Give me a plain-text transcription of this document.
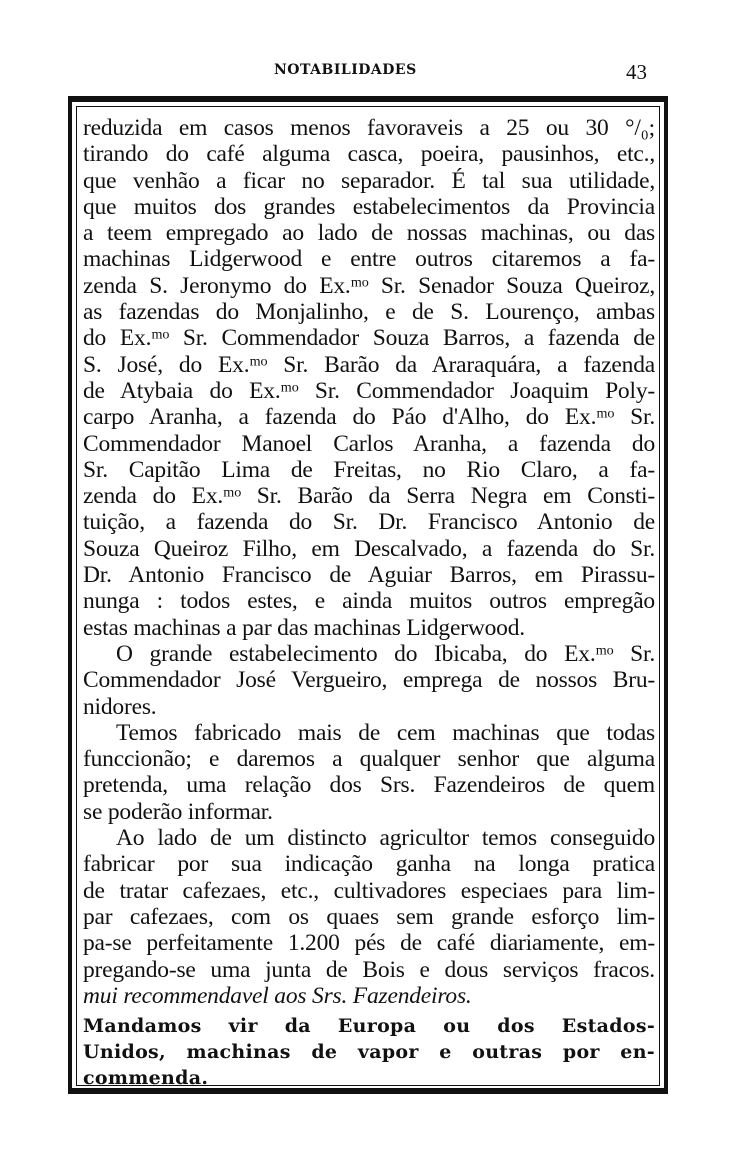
NOTABILIDADES	43
reduzida em casos menos favoraveis a 25 ou 30 °/₀;
tirando do café alguma casca, poeira, pausinhos, etc.,
que venhão a ficar no separador. É tal sua utilidade,
que muitos dos grandes estabelecimentos da Provincia
a teem empregado ao lado de nossas machinas, ou das
machinas Lidgerwood e entre outros citaremos a fa-
zenda S. Jeronymo do Ex.ᵐᵒ Sr. Senador Souza Queiroz,
as fazendas do Monjalinho, e de S. Lourenço, ambas
do Ex.ᵐᵒ Sr. Commendador Souza Barros, a fazenda de
S. José, do Ex.ᵐᵒ Sr. Barão da Araraquára, a fazenda
de Atybaia do Ex.ᵐᵒ Sr. Commendador Joaquim Poly-
carpo Aranha, a fazenda do Páo d'Alho, do Ex.ᵐᵒ Sr.
Commendador Manoel Carlos Aranha, a fazenda do
Sr. Capitão Lima de Freitas, no Rio Claro, a fa-
zenda do Ex.ᵐᵒ Sr. Barão da Serra Negra em Consti-
tuição, a fazenda do Sr. Dr. Francisco Antonio de
Souza Queiroz Filho, em Descalvado, a fazenda do Sr.
Dr. Antonio Francisco de Aguiar Barros, em Pirassu-
nunga : todos estes, e ainda muitos outros empregão
estas machinas a par das machinas Lidgerwood.
O grande estabelecimento do Ibicaba, do Ex.ᵐᵒ Sr.
Commendador José Vergueiro, emprega de nossos Bru-
nidores.
Temos fabricado mais de cem machinas que todas
funccionão; e daremos a qualquer senhor que alguma
pretenda, uma relação dos Srs. Fazendeiros de quem
se poderão informar.
Ao lado de um distincto agricultor temos conseguido
fabricar por sua indicação ganha na longa pratica
de tratar cafezaes, etc., cultivadores especiaes para lim-
par cafezaes, com os quaes sem grande esforço lim-
pa-se perfeitamente 1.200 pés de café diariamente, em-
pregando-se uma junta de Bois e dous serviços fracos.
mui recommendavel aos Srs. Fazendeiros.
Mandamos vir da Europa ou dos Estados-
Unidos, machinas de vapor e outras por en-
commenda.
